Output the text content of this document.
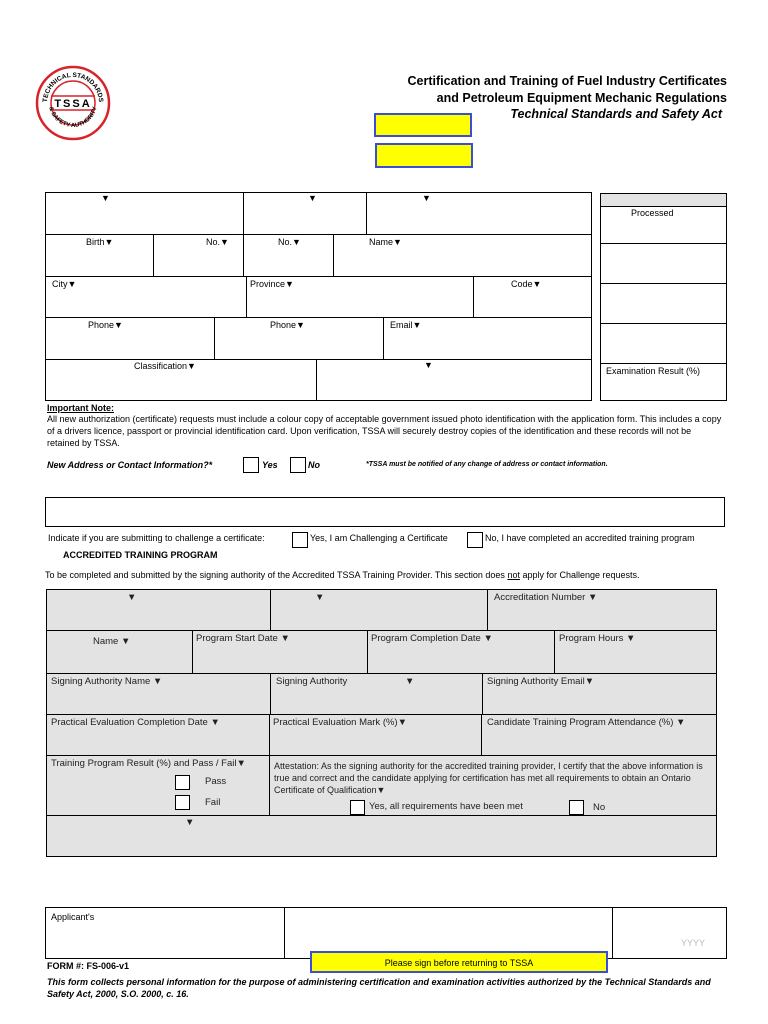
TECHNICAL STANDARDS
& SAFETY AUTHORITY
TSSA
Certification and Training of Fuel Industry Certificates
and Petroleum Equipment Mechanic Regulations
Technical Standards and Safety Act
▼	▼	▼
Birth▼	No.▼	No.▼	Name▼
City▼	Province▼	Code▼
Phone▼	Phone▼	Email▼
Classification▼	▼
Processed
Examination Result (%)
Important Note:
All new authorization (certificate) requests must include a colour copy of acceptable government issued photo identification with the application form. This includes a copy of a drivers licence, passport or provincial identification card. Upon verification, TSSA will securely destroy copies of the identification and these records will not be retained by TSSA.
New Address or Contact Information?*	Yes	No	*TSSA must be notified of any change of address or contact information.
Indicate if you are submitting to challenge a certificate:	Yes, I am Challenging a Certificate	No, I have completed an accredited training program
ACCREDITED TRAINING PROGRAM
To be completed and submitted by the signing authority of the Accredited TSSA Training Provider. This section does not apply for Challenge requests.
▼	▼	Accreditation Number ▼
Name ▼	Program Start Date ▼	Program Completion Date ▼	Program Hours ▼
Signing Authority Name ▼	Signing Authority	▼	Signing Authority Email▼
Practical Evaluation Completion Date ▼	Practical Evaluation Mark (%)▼	Candidate Training Program Attendance (%) ▼
Training Program Result (%) and Pass / Fail▼
Pass
Fail
Attestation: As the signing authority for the accredited training provider, I certify that the above information is true and correct and the candidate applying for certification has met all requirements to obtain an Ontario Certificate of Qualification▼
Yes, all requirements have been met	No
▼
Applicant's
YYYY
Please sign before returning to TSSA
FORM #: FS-006-v1
This form collects personal information for the purpose of administering certification and examination activities authorized by the Technical Standards and Safety Act, 2000, S.O. 2000, c. 16.
